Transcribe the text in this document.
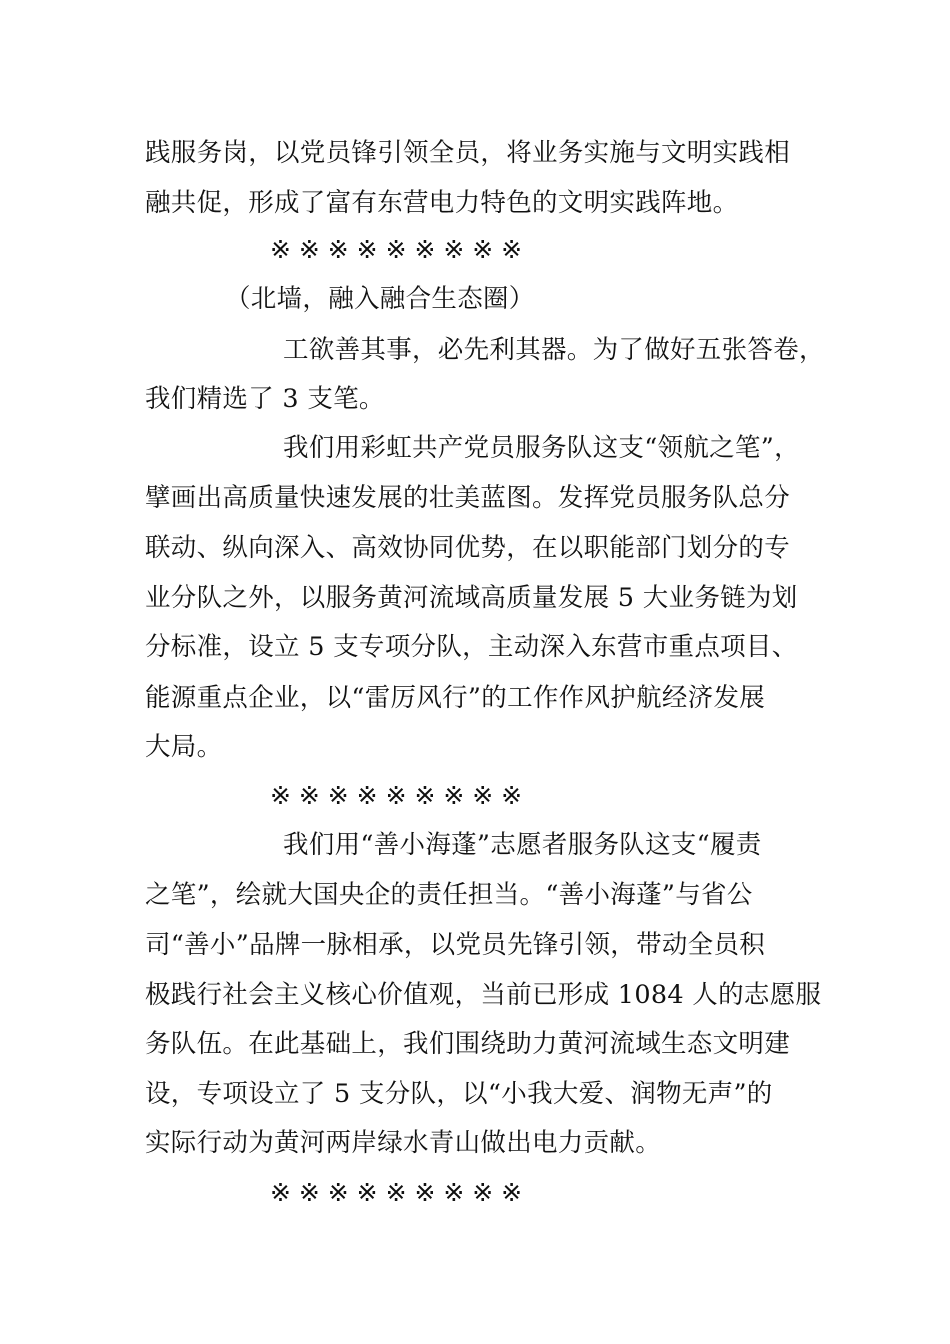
践服务岗，以党员锋引领全员，将业务实施与文明实践相
融共促，形成了富有东营电力特色的文明实践阵地。
※ ※ ※ ※ ※ ※ ※ ※ ※
（北墙，融入融合生态圈）
工欲善其事，必先利其器。为了做好五张答卷，
我们精选了 3 支笔。
我们用彩虹共产党员服务队这支“领航之笔”，
擘画出高质量快速发展的壮美蓝图。发挥党员服务队总分
联动、纵向深入、高效协同优势，在以职能部门划分的专
业分队之外，以服务黄河流域高质量发展 5 大业务链为划
分标准，设立 5 支专项分队，主动深入东营市重点项目、
能源重点企业，以“雷厉风行”的工作作风护航经济发展
大局。
※ ※ ※ ※ ※ ※ ※ ※ ※
我们用“善小海蓬”志愿者服务队这支“履责
之笔”，绘就大国央企的责任担当。“善小海蓬”与省公
司“善小”品牌一脉相承，以党员先锋引领，带动全员积
极践行社会主义核心价值观，当前已形成 1084 人的志愿服
务队伍。在此基础上，我们围绕助力黄河流域生态文明建
设，专项设立了 5 支分队，以“小我大爱、润物无声”的
实际行动为黄河两岸绿水青山做出电力贡献。
※ ※ ※ ※ ※ ※ ※ ※ ※
